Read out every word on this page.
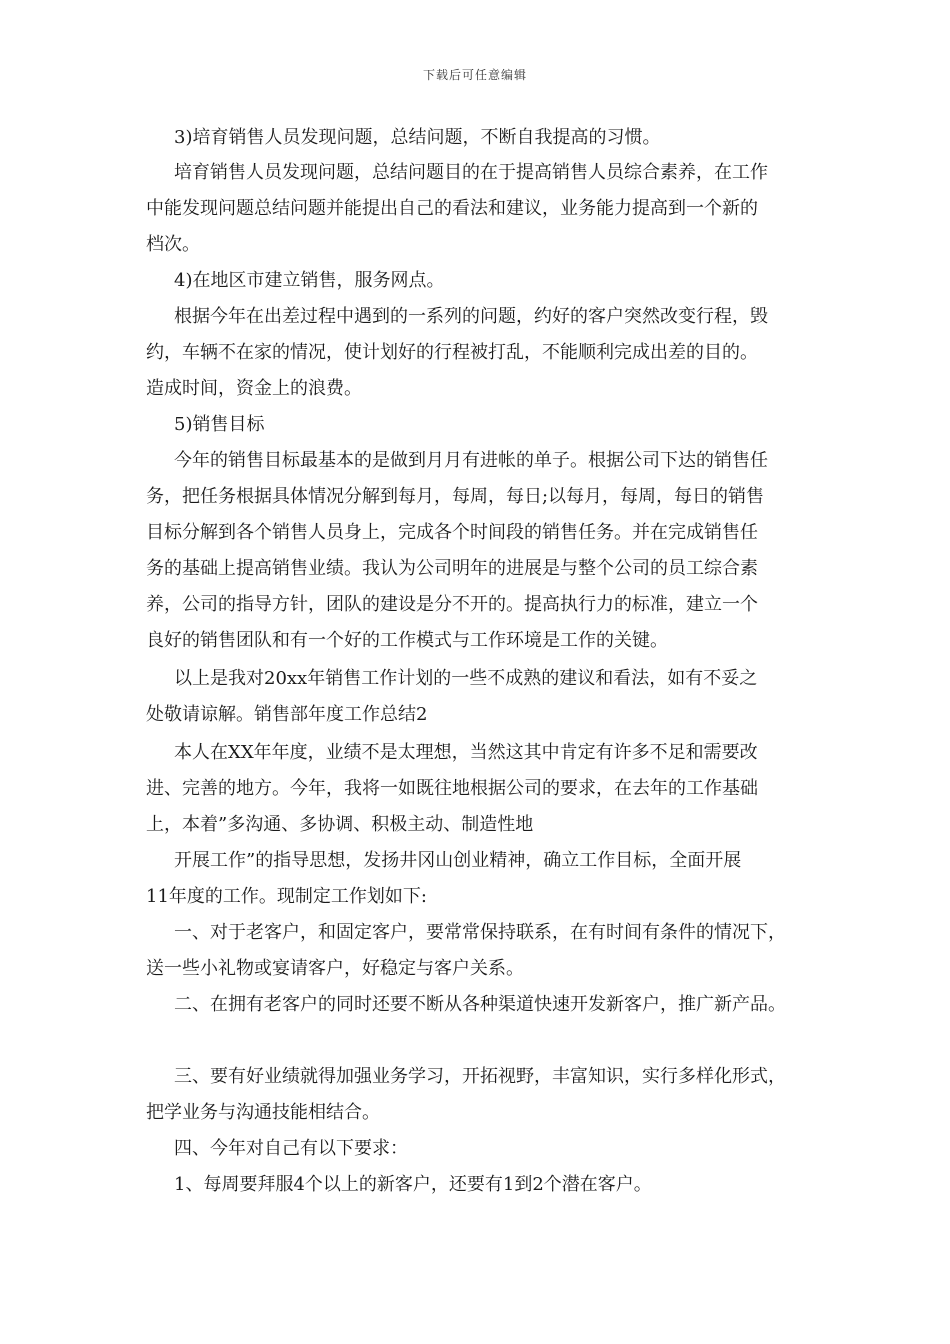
下载后可任意编辑
3)培育销售人员发现问题，总结问题，不断自我提高的习惯。
培育销售人员发现问题，总结问题目的在于提高销售人员综合素养，在工作
中能发现问题总结问题并能提出自己的看法和建议，业务能力提高到一个新的
档次。
4)在地区市建立销售，服务网点。
根据今年在出差过程中遇到的一系列的问题，约好的客户突然改变行程，毁
约，车辆不在家的情况，使计划好的行程被打乱，不能顺利完成出差的目的。
造成时间，资金上的浪费。
5)销售目标
今年的销售目标最基本的是做到月月有进帐的单子。根据公司下达的销售任
务，把任务根据具体情况分解到每月，每周，每日;以每月，每周，每日的销售
目标分解到各个销售人员身上，完成各个时间段的销售任务。并在完成销售任
务的基础上提高销售业绩。我认为公司明年的进展是与整个公司的员工综合素
养，公司的指导方针，团队的建设是分不开的。提高执行力的标准，建立一个
良好的销售团队和有一个好的工作模式与工作环境是工作的关键。
以上是我对20xx年销售工作计划的一些不成熟的建议和看法，如有不妥之
处敬请谅解。销售部年度工作总结2
本人在XX年年度，业绩不是太理想，当然这其中肯定有许多不足和需要改
进、完善的地方。今年，我将一如既往地根据公司的要求，在去年的工作基础
上，本着”多沟通、多协调、积极主动、制造性地
开展工作”的指导思想，发扬井冈山创业精神，确立工作目标，全面开展
11年度的工作。现制定工作划如下:
一、对于老客户，和固定客户，要常常保持联系，在有时间有条件的情况下，
送一些小礼物或宴请客户，好稳定与客户关系。
二、在拥有老客户的同时还要不断从各种渠道快速开发新客户，推广新产品。
三、要有好业绩就得加强业务学习，开拓视野，丰富知识，实行多样化形式，
把学业务与沟通技能相结合。
四、今年对自己有以下要求：
1、每周要拜服4个以上的新客户，还要有1到2个潜在客户。
